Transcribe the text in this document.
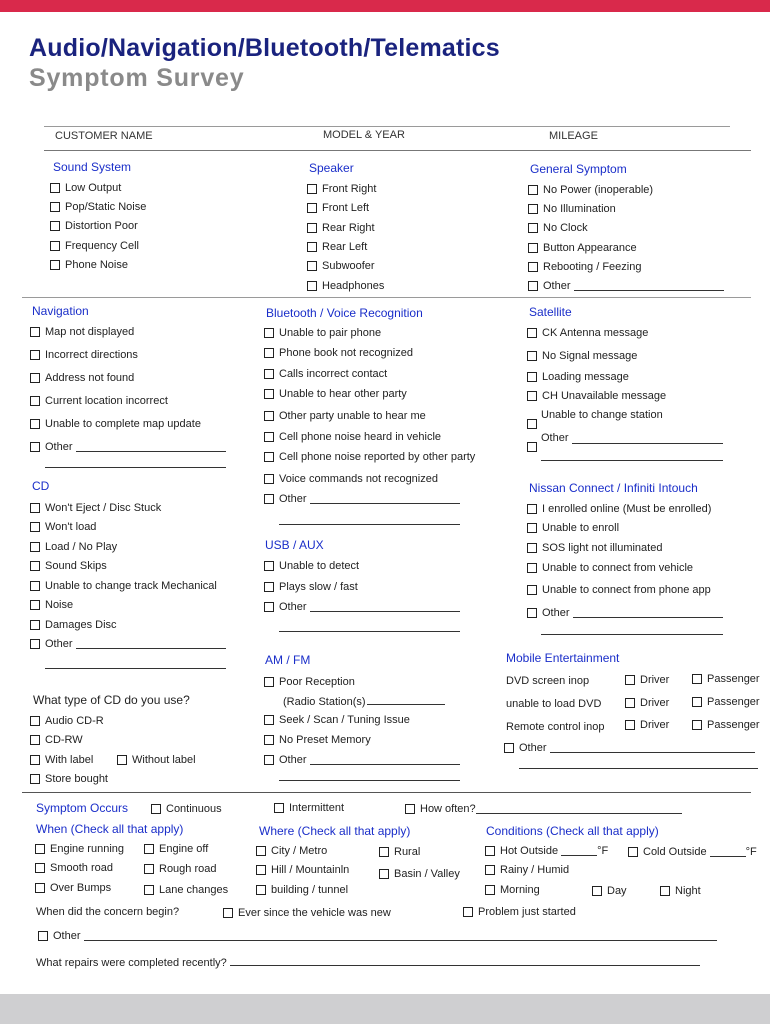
Audio/Navigation/Bluetooth/Telematics
Symptom Survey
CUSTOMER NAME	MODEL & YEAR	MILEAGE
Sound System
Low Output
Pop/Static Noise
Distortion Poor
Frequency Cell
Phone Noise
Speaker
Front Right
Front Left
Rear Right
Rear Left
Subwoofer
Headphones
General Symptom
No Power (inoperable)
No Illumination
No Clock
Button Appearance
Rebooting / Feezing
Other
Navigation
Map not displayed
Incorrect directions
Address not found
Current location incorrect
Unable to complete map update
Other
Bluetooth / Voice Recognition
Unable to pair phone
Phone book not recognized
Calls incorrect contact
Unable to hear other party
Other party unable to hear me
Cell phone noise heard in vehicle
Cell phone noise reported by other party
Voice commands not recognized
Other
Satellite
CK Antenna message
No Signal message
Loading message
CH Unavailable message
Unable to change station
Other
CD
Won't Eject / Disc Stuck
Won't load
Load / No Play
Sound Skips
Unable to change track Mechanical
Noise
Damages Disc
Other
USB / AUX
Unable to detect
Plays slow / fast
Other
Nissan Connect / Infiniti Intouch
I enrolled online (Must be enrolled)
Unable to enroll
SOS light not illuminated
Unable to connect from vehicle
Unable to connect from phone app
Other
AM / FM
Poor Reception
(Radio Station(s)
Seek / Scan / Tuning Issue
No Preset Memory
Other
Mobile Entertainment
DVD screen inop	Driver	Passenger
unable to load DVD	Driver	Passenger
Remote control inop	Driver	Passenger
Other
What type of CD do you use?
Audio CD-R
CD-RW
With label	Without label
Store bought
Symptom Occurs	Continuous	Intermittent	How often?
When (Check all that apply)
Engine running	Engine off
Smooth road	Rough road
Over Bumps	Lane changes
Where (Check all that apply)
City / Metro	Rural
Hill / Mountainln	Basin / Valley
building / tunnel
Conditions (Check all that apply)
Hot Outside	°F	Cold Outside	°F
Rainy / Humid
Morning	Day	Night
When did the concern begin?	Ever since the vehicle was new	Problem just started
Other
What repairs were completed recently?
